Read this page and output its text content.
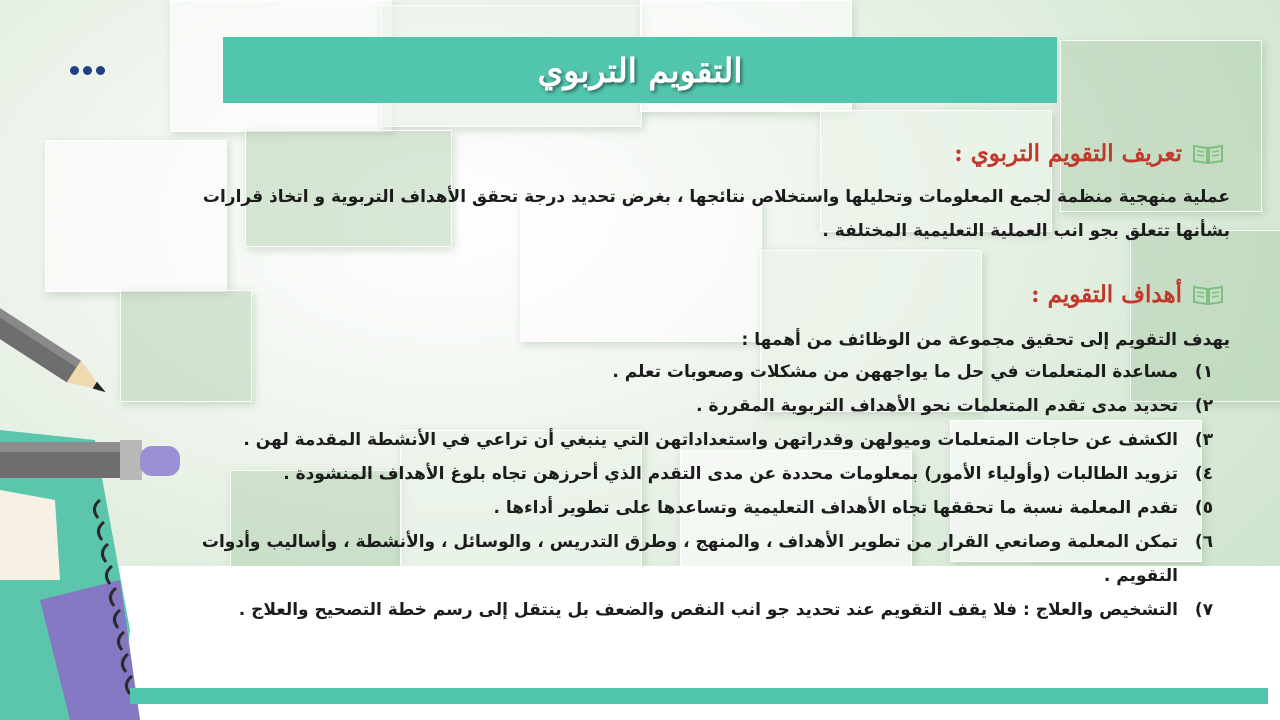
التقويم التربوي
تعريف التقويم التربوي :
عملية منهجية منظمة لجمع المعلومات وتحليلها واستخلاص نتائجها ، بغرض تحديد درجة تحقق الأهداف التربوية و اتخاذ قرارات بشأنها تتعلق بجو انب العملية التعليمية المختلفة .
أهداف التقويم :
يهدف التقويم إلى تحقيق مجموعة من الوظائف من أهمها :
١)
مساعدة المتعلمات في حل ما يواجههن من مشكلات وصعوبات تعلم .
٢)
تحديد مدى تقدم المتعلمات نحو الأهداف التربوية المقررة .
٣)
الكشف عن حاجات المتعلمات وميولهن وقدراتهن واستعداداتهن التي ينبغي أن تراعي في الأنشطة المقدمة لهن .
٤)
تزويد الطالبات (وأولياء الأمور) بمعلومات محددة عن مدى التقدم الذي أحرزهن تجاه بلوغ الأهداف المنشودة .
٥)
تقدم المعلمة نسبة ما تحققها تجاه الأهداف التعليمية وتساعدها على تطوير أداءها .
٦)
تمكن المعلمة وصانعي القرار من تطوير الأهداف ، والمنهج ، وطرق التدريس ، والوسائل ، والأنشطة ، وأساليب وأدوات التقويم .
٧)
التشخيص والعلاج : فلا يقف التقويم عند تحديد جو انب النقص والضعف بل ينتقل إلى رسم خطة التصحيح والعلاج .
